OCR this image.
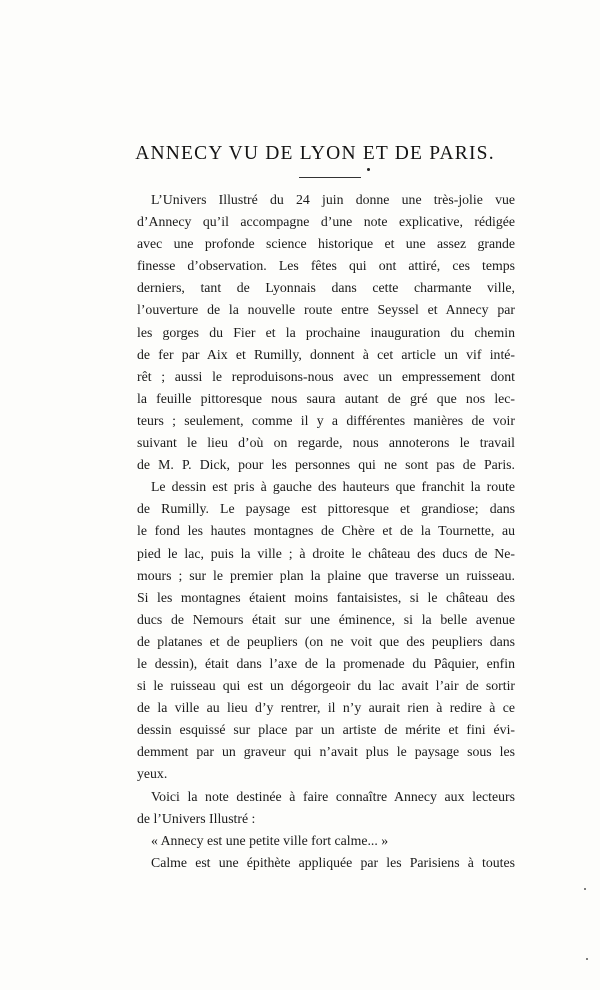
ANNECY VU DE LYON ET DE PARIS.

L’Univers Illustré du 24 juin donne une très-jolie vue

d’Annecy qu’il accompagne d’une note explicative, rédigée

avec une profonde science historique et une assez grande

finesse d’observation. Les fêtes qui ont attiré, ces temps

derniers, tant de Lyonnais dans cette charmante ville,

l’ouverture de la nouvelle route entre Seyssel et Annecy par

les gorges du Fier et la prochaine inauguration du chemin

de fer par Aix et Rumilly, donnent à cet article un vif inté-

rêt ; aussi le reproduisons-nous avec un empressement dont

la feuille pittoresque nous saura autant de gré que nos lec-

teurs ; seulement, comme il y a différentes manières de voir

suivant le lieu d’où on regarde, nous annoterons le travail

de M. P. Dick, pour les personnes qui ne sont pas de Paris.

Le dessin est pris à gauche des hauteurs que franchit la route

de Rumilly. Le paysage est pittoresque et grandiose; dans

le fond les hautes montagnes de Chère et de la Tournette, au

pied le lac, puis la ville ; à droite le château des ducs de Ne-

mours ; sur le premier plan la plaine que traverse un ruisseau.

Si les montagnes étaient moins fantaisistes, si le château des

ducs de Nemours était sur une éminence, si la belle avenue

de platanes et de peupliers (on ne voit que des peupliers dans

le dessin), était dans l’axe de la promenade du Pâquier, enfin

si le ruisseau qui est un dégorgeoir du lac avait l’air de sortir

de la ville au lieu d’y rentrer, il n’y aurait rien à redire à ce

dessin esquissé sur place par un artiste de mérite et fini évi-

demment par un graveur qui n’avait plus le paysage sous les

yeux.

Voici la note destinée à faire connaître Annecy aux lecteurs

de l’Univers Illustré :

« Annecy est une petite ville fort calme... »

Calme est une épithète appliquée par les Parisiens à toutes
